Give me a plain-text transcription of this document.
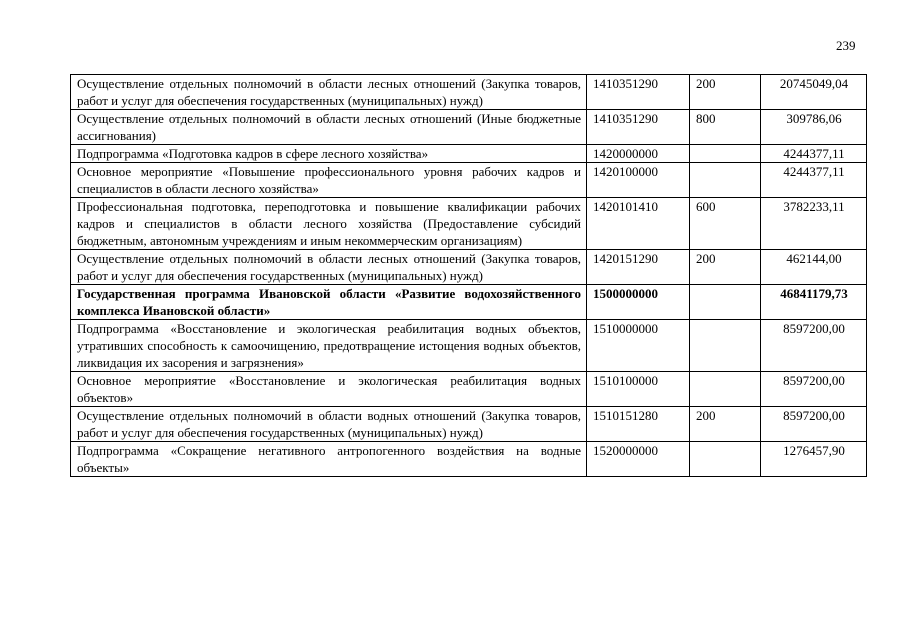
239
Осуществление отдельных полномочий в области лесных отношений (Закупка товаров, работ и услуг для обеспечения государственных (муниципальных) нужд)	1410351290	200	20745049,04
Осуществление отдельных полномочий в области лесных отношений (Иные бюджетные ассигнования)	1410351290	800	309786,06
Подпрограмма «Подготовка кадров в сфере лесного хозяйства»	1420000000		4244377,11
Основное мероприятие «Повышение профессионального уровня рабочих кадров и специалистов в области лесного хозяйства»	1420100000		4244377,11
Профессиональная подготовка, переподготовка и повышение квалификации рабочих кадров и специалистов в области лесного хозяйства (Предоставление субсидий бюджетным, автономным учреждениям и иным некоммерческим организациям)	1420101410	600	3782233,11
Осуществление отдельных полномочий в области лесных отношений (Закупка товаров, работ и услуг для обеспечения государственных (муниципальных) нужд)	1420151290	200	462144,00
Государственная программа Ивановской области «Развитие водохозяйственного комплекса Ивановской области»	1500000000		46841179,73
Подпрограмма «Восстановление и экологическая реабилитация водных объектов, утративших способность к самоочищению, предотвращение истощения водных объектов, ликвидация их засорения и загрязнения»	1510000000		8597200,00
Основное мероприятие «Восстановление и экологическая реабилитация водных объектов»	1510100000		8597200,00
Осуществление отдельных полномочий в области водных отношений (Закупка товаров, работ и услуг для обеспечения государственных (муниципальных) нужд)	1510151280	200	8597200,00
Подпрограмма «Сокращение негативного антропогенного воздействия на водные объекты»	1520000000		1276457,90
